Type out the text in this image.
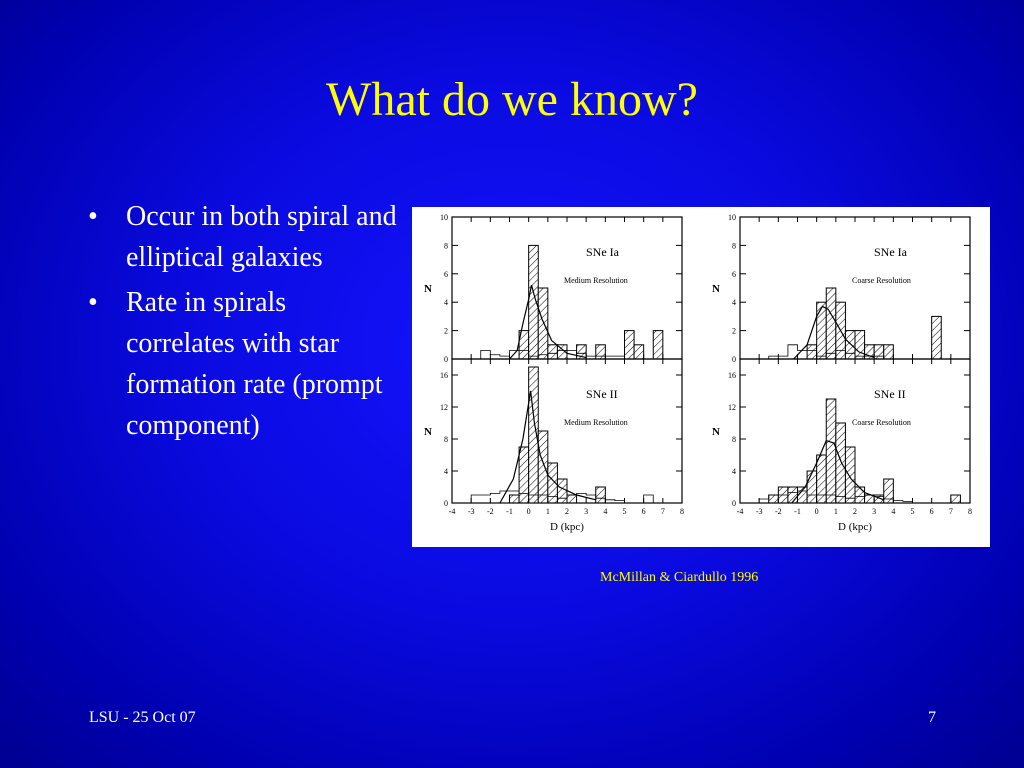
What do we know?
• Occur in both spiral and elliptical galaxies
• Rate in spirals correlates with star formation rate (prompt component)
0
2
4
6
8
10
N
SNe Ia
Medium Resolution
0
2
4
6
8
10
N
SNe Ia
Coarse Resolution
0
4
8
12
16
-4 -3 -2 -1 0 1 2 3 4 5 6 7 8
D (kpc)
N
SNe II
Medium Resolution
0
4
8
12
16
-4 -3 -2 -1 0 1 2 3 4 5 6 7 8
D (kpc)
N
SNe II
Coarse Resolution
McMillan & Ciardullo 1996
LSU - 25 Oct 07	7
